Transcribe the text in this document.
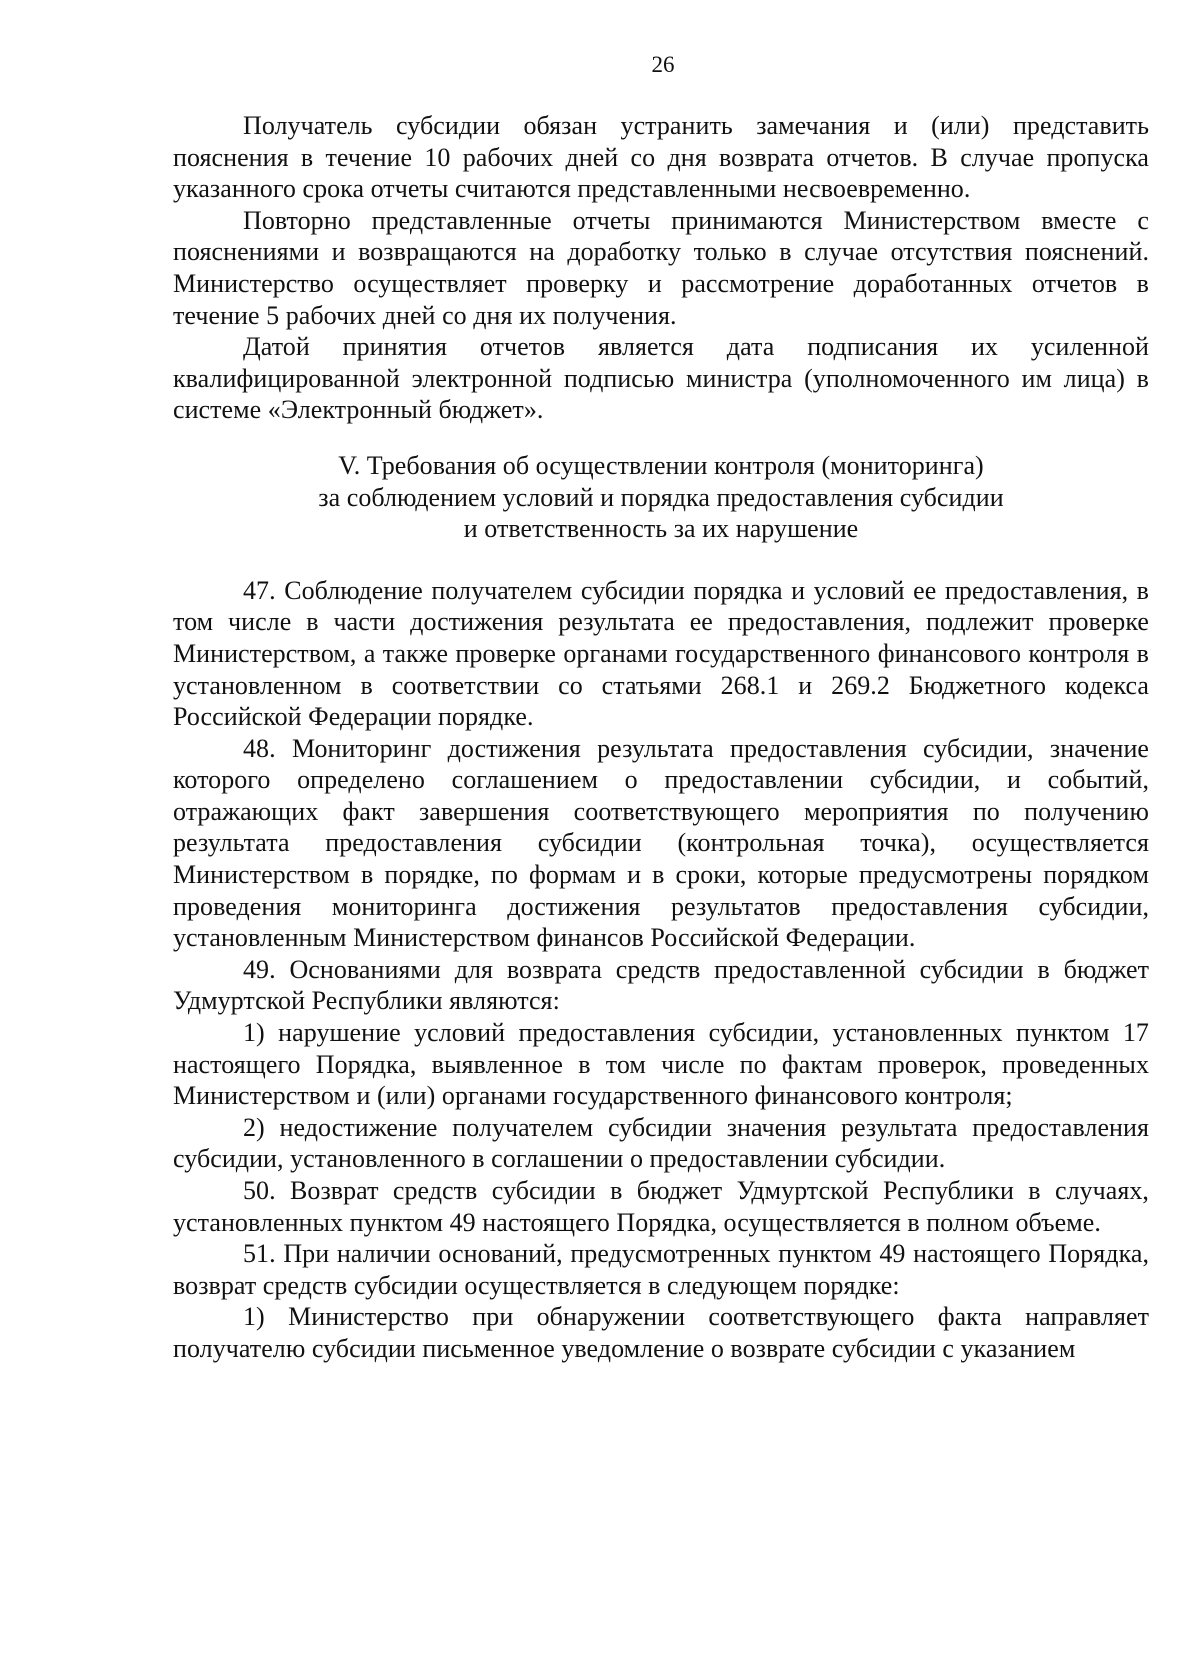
26

Получатель субсидии обязан устранить замечания и (или) представить пояснения в течение 10 рабочих дней со дня возврата отчетов. В случае пропуска указанного срока отчеты считаются представленными несвоевременно.

Повторно представленные отчеты принимаются Министерством вместе с пояснениями и возвращаются на доработку только в случае отсутствия пояснений. Министерство осуществляет проверку и рассмотрение доработанных отчетов в течение 5 рабочих дней со дня их получения.

Датой принятия отчетов является дата подписания их усиленной квалифицированной электронной подписью министра (уполномоченного им лица) в системе «Электронный бюджет».

V. Требования об осуществлении контроля (мониторинга)
за соблюдением условий и порядка предоставления субсидии
и ответственность за их нарушение

47. Соблюдение получателем субсидии порядка и условий ее предоставления, в том числе в части достижения результата ее предоставления, подлежит проверке Министерством, а также проверке органами государственного финансового контроля в установленном в соответствии со статьями 268.1 и 269.2 Бюджетного кодекса Российской Федерации порядке.

48. Мониторинг достижения результата предоставления субсидии, значение которого определено соглашением о предоставлении субсидии, и событий, отражающих факт завершения соответствующего мероприятия по получению результата предоставления субсидии (контрольная точка), осуществляется Министерством в порядке, по формам и в сроки, которые предусмотрены порядком проведения мониторинга достижения результатов предоставления субсидии, установленным Министерством финансов Российской Федерации.

49. Основаниями для возврата средств предоставленной субсидии в бюджет Удмуртской Республики являются:

1) нарушение условий предоставления субсидии, установленных пунктом 17 настоящего Порядка, выявленное в том числе по фактам проверок, проведенных Министерством и (или) органами государственного финансового контроля;

2) недостижение получателем субсидии значения результата предоставления субсидии, установленного в соглашении о предоставлении субсидии.

50. Возврат средств субсидии в бюджет Удмуртской Республики в случаях, установленных пунктом 49 настоящего Порядка, осуществляется в полном объеме.

51. При наличии оснований, предусмотренных пунктом 49 настоящего Порядка, возврат средств субсидии осуществляется в следующем порядке:

1) Министерство при обнаружении соответствующего факта направляет получателю субсидии письменное уведомление о возврате субсидии с указанием
